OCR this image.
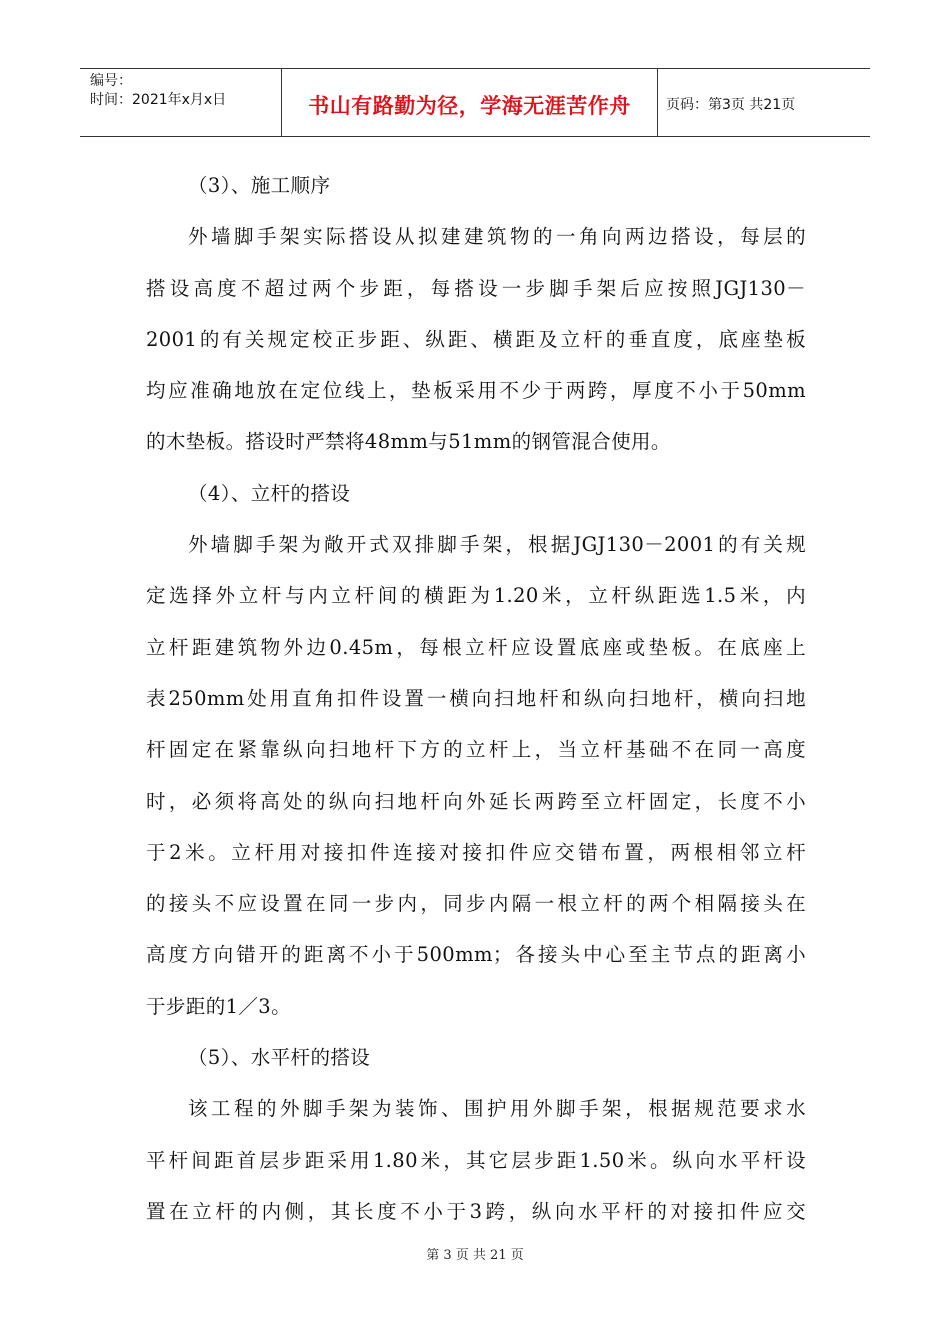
编号：
时间：2021年x月x日	书山有路勤为径，学海无涯苦作舟	页码：第3页 共21页
（3）、施工顺序
外墙脚手架实际搭设从拟建建筑物的一角向两边搭设，每层的
搭设高度不超过两个步距，每搭设一步脚手架后应按照JGJ130－
2001的有关规定校正步距、纵距、横距及立杆的垂直度，底座垫板
均应准确地放在定位线上，垫板采用不少于两跨，厚度不小于50mm
的木垫板。搭设时严禁将48mm与51mm的钢管混合使用。
（4）、立杆的搭设
外墙脚手架为敞开式双排脚手架，根据JGJ130－2001的有关规
定选择外立杆与内立杆间的横距为1.20米，立杆纵距选1.5米，内
立杆距建筑物外边0.45m，每根立杆应设置底座或垫板。在底座上
表250mm处用直角扣件设置一横向扫地杆和纵向扫地杆，横向扫地
杆固定在紧靠纵向扫地杆下方的立杆上，当立杆基础不在同一高度
时，必须将高处的纵向扫地杆向外延长两跨至立杆固定，长度不小
于2米。立杆用对接扣件连接对接扣件应交错布置，两根相邻立杆
的接头不应设置在同一步内，同步内隔一根立杆的两个相隔接头在
高度方向错开的距离不小于500mm；各接头中心至主节点的距离小
于步距的1／3。
（5）、水平杆的搭设
该工程的外脚手架为装饰、围护用外脚手架，根据规范要求水
平杆间距首层步距采用1.80米，其它层步距1.50米。纵向水平杆设
置在立杆的内侧，其长度不小于3跨，纵向水平杆的对接扣件应交
第 3 页 共 21 页
